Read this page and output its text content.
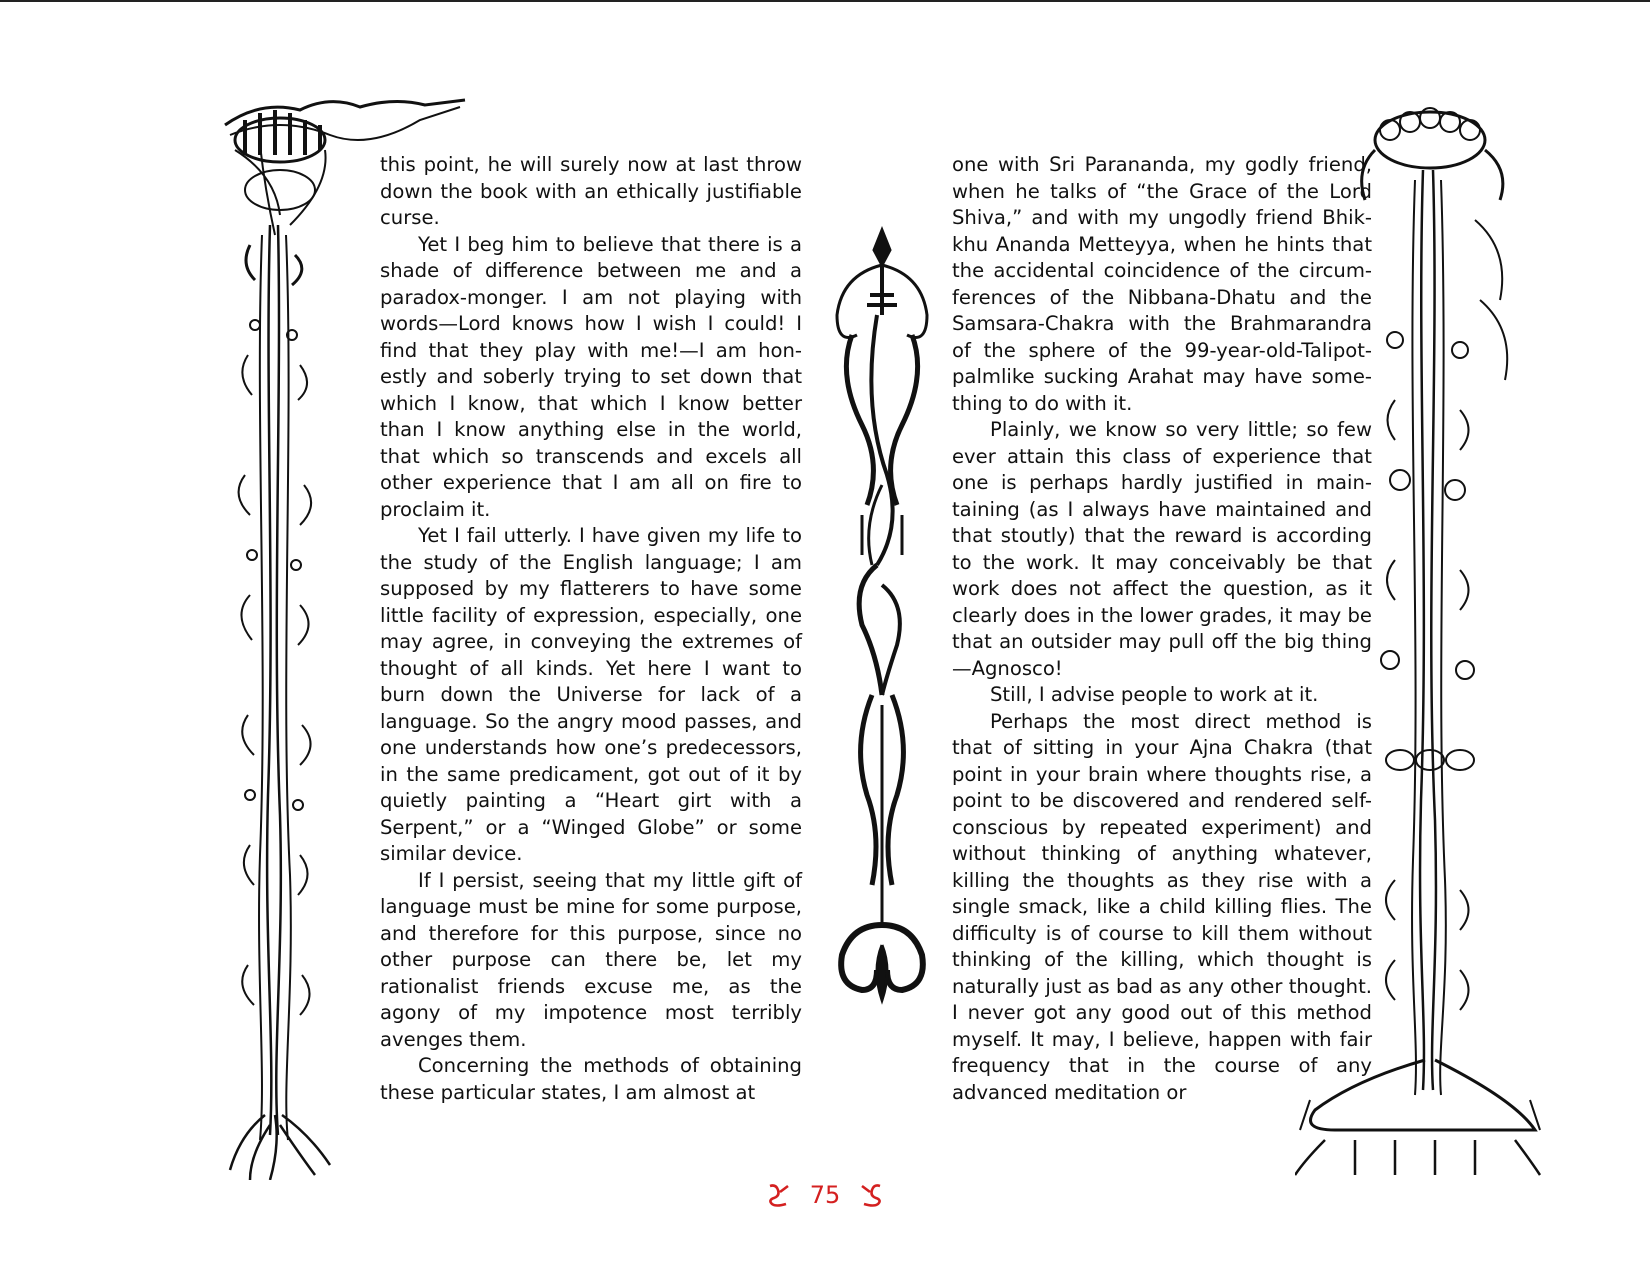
this point, he will surely now at last throw down the book with an ethically justifiable curse.

Yet I beg him to believe that there is a shade of difference between me and a paradox-monger. I am not playing with words—Lord knows how I wish I could! I find that they play with me!—I am honestly and soberly trying to set down that which I know, that which I know better than I know anything else in the world, that which so transcends and excels all other experience that I am all on fire to proclaim it.

Yet I fail utterly. I have given my life to the study of the English language; I am supposed by my flatterers to have some little facility of expression, especially, one may agree, in conveying the extremes of thought of all kinds. Yet here I want to burn down the Universe for lack of a language. So the angry mood passes, and one understands how one’s predecessors, in the same predicament, got out of it by quietly painting a “Heart girt with a Serpent,” or a “Winged Globe” or some similar device.

If I persist, seeing that my little gift of language must be mine for some purpose, and therefore for this purpose, since no other purpose can there be, let my rationalist friends excuse me, as the agony of my impotence most terribly avenges them.

Concerning the methods of obtaining these particular states, I am almost at

one with Sri Paranandа, my godly friend, when he talks of “the Grace of the Lord Shiva,” and with my ungodly friend Bhikkhu Ananda Metteyya, when he hints that the accidental coincidence of the circumferences of the Nibbana-Dhatu and the Samsara-Chakra with the Brahmarandra of the sphere of the 99-year-old-Talipot-palmlike sucking Arahat may have something to do with it.

Plainly, we know so very little; so few ever attain this class of experience that one is perhaps hardly justified in maintaining (as I always have maintained and that stoutly) that the reward is according to the work. It may conceivably be that work does not affect the question, as it clearly does in the lower grades, it may be that an outsider may pull off the big thing—Agnosco!

Still, I advise people to work at it.

Perhaps the most direct method is that of sitting in your Ajna Chakra (that point in your brain where thoughts rise, a point to be discovered and rendered self-conscious by repeated experiment) and without thinking of anything whatever, killing the thoughts as they rise with a single smack, like a child killing flies. The difficulty is of course to kill them without thinking of the killing, which thought is naturally just as bad as any other thought. I never got any good out of this method myself. It may, I believe, happen with fair frequency that in the course of any advanced meditation or

75
